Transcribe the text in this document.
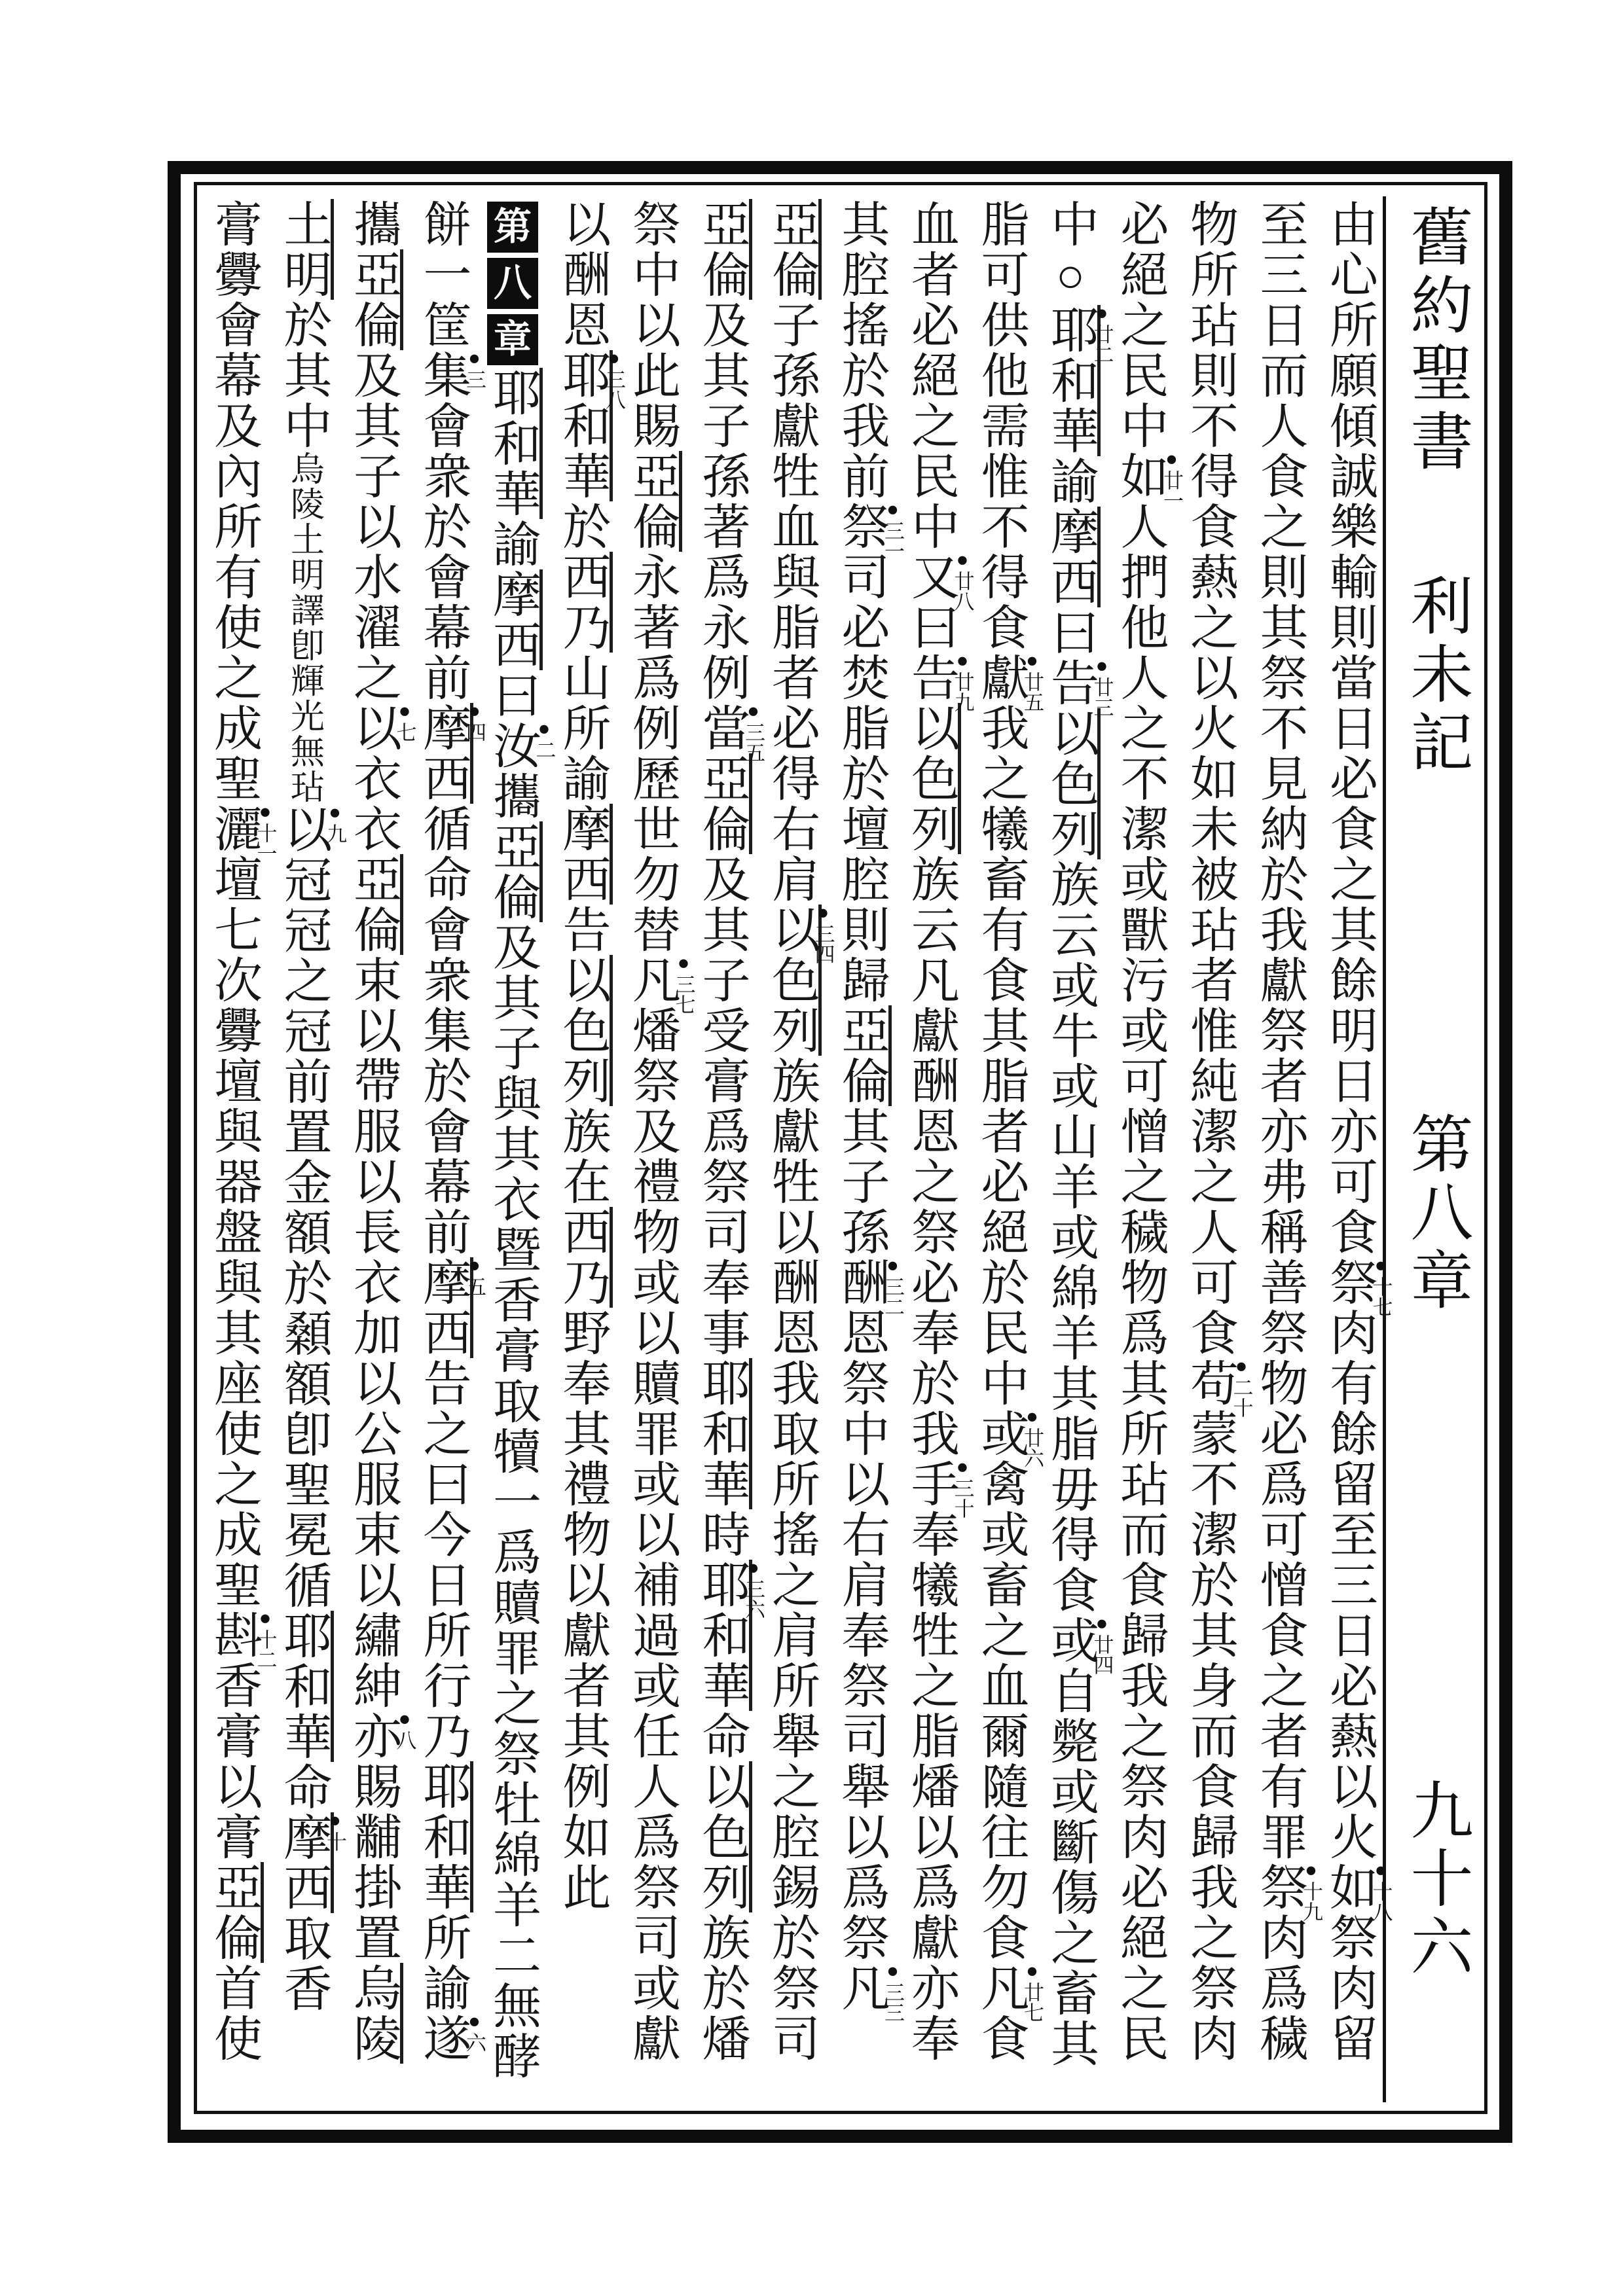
舊約聖書
利未記
第八章
九十六
由心所願傾誠樂輸則當日必食之其餘明日亦可食
●十七
祭肉有餘留至三日必爇以火
●十八
如祭肉留
至三日而人食之則其祭不見納於我獻祭者亦弗稱善祭物必爲可憎食之者有罪
●十九
祭肉爲穢
物所玷則不得食爇之以火如未被玷者惟純潔之人可食
●二十
苟蒙不潔於其身而食歸我之祭肉
必絕之民中
●廿一
如人捫他人之不潔或獸污或可憎之穢物爲其所玷而食歸我之祭肉必絕之民
中○
●廿二
耶和華諭摩西曰
●廿三
告以色列族云或牛或山羊或綿羊其脂毋得食
●廿四
或自斃或斷傷之畜其
脂可供他需惟不得食
●廿五
獻我之犧畜有食其脂者必絕於民中
●廿六
或禽或畜之血爾隨往勿食
●廿七
凡食
血者必絕之民中
●廿八
又曰
●廿九
告以色列族云凡獻酬恩之祭必奉於我
●三十
手奉犧牲之脂燔以爲獻亦奉
其腔搖於我前
●三一
祭司必焚脂於壇腔則歸亞倫其子孫
●三二
酬恩祭中以右肩奉祭司舉以爲祭
●三三
凡
亞倫子孫獻牲血與脂者必得右肩
●三四
以色列族獻牲以酬恩我取所搖之肩所舉之腔錫於祭司
亞倫及其子孫著爲永例
●三五
當亞倫及其子受膏爲祭司奉事耶和華時
●三六
耶和華命以色列族於燔
祭中以此賜亞倫永著爲例歷世勿替
●三七
凡燔祭及禮物或以贖罪或以補過或任人爲祭司或獻
以酬恩
●三八
耶和華於西乃山所諭摩西告以色列族在西乃野奉其禮物以獻者其例如此
第
八
章
耶和華諭摩西曰
●二
汝攜亞倫及其子與其衣暨香膏取犢一爲贖罪之祭牡綿羊二無酵
餅一筐
●三
集會衆於會幕前
●四
摩西循命會衆集於會幕前
●五
摩西告之曰今日所行乃耶和華所諭
●六
遂
攜亞倫及其子以水濯之
●七
以衣衣亞倫束以帶服以長衣加以公服束以繡紳
●八
亦賜黼掛置烏陵
土明於其中烏陵土明譯卽輝光無玷
●九
以冠冠之冠前置金額於顙額卽聖冕循耶和華命
●十
摩西取香
膏釁會幕及內所有使之成聖
●十一
灑壇七次釁壇與器盤與其座使之成聖
●十二
斟香膏以膏亞倫首使
